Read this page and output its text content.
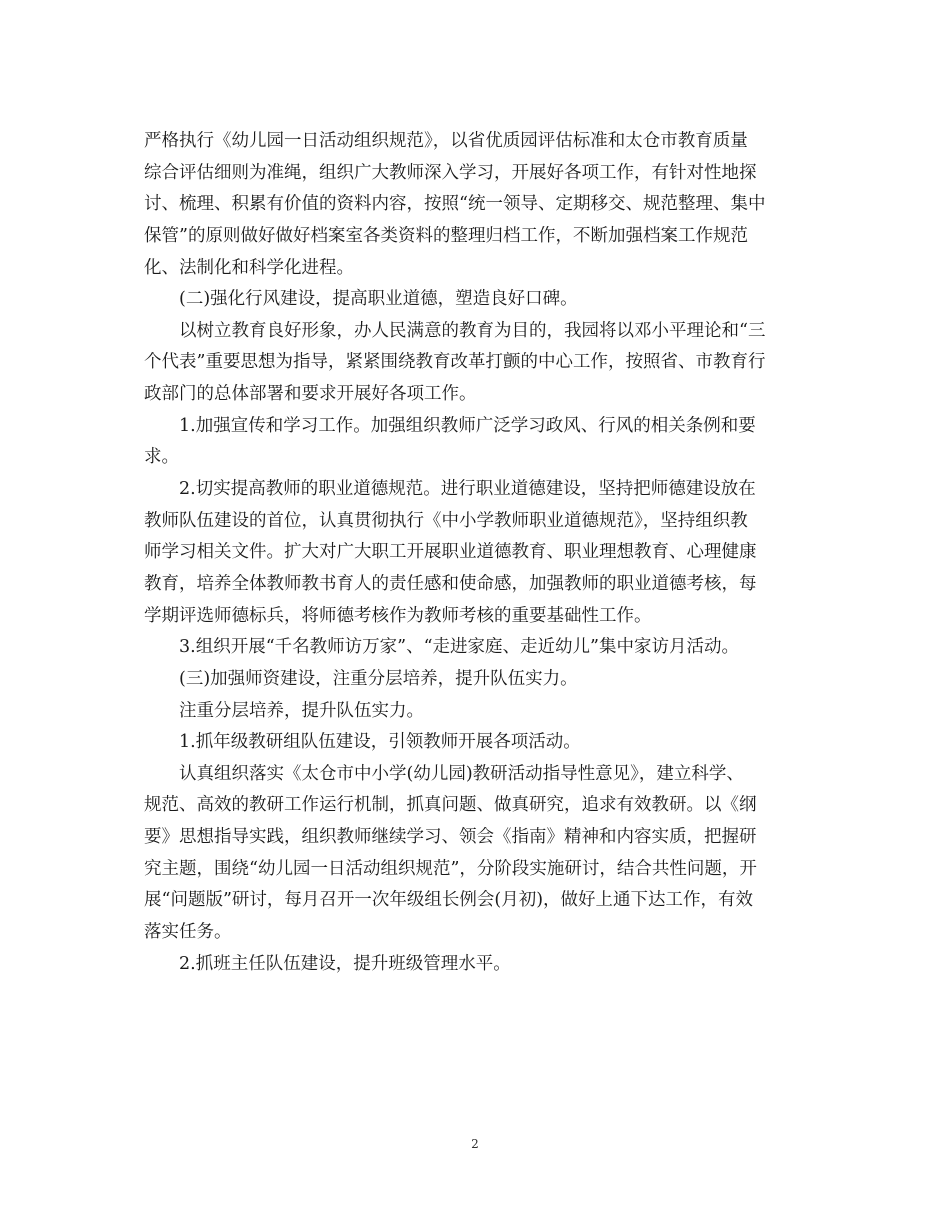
严格执行《幼儿园一日活动组织规范》，以省优质园评估标准和太仓市教育质量
综合评估细则为准绳，组织广大教师深入学习，开展好各项工作，有针对性地探
讨、梳理、积累有价值的资料内容，按照“统一领导、定期移交、规范整理、集中
保管”的原则做好做好档案室各类资料的整理归档工作，不断加强档案工作规范
化、法制化和科学化进程。
(二)强化行风建设，提高职业道德，塑造良好口碑。
以树立教育良好形象，办人民满意的教育为目的，我园将以邓小平理论和“三
个代表”重要思想为指导，紧紧围绕教育改革打颤的中心工作，按照省、市教育行
政部门的总体部署和要求开展好各项工作。
1.加强宣传和学习工作。加强组织教师广泛学习政风、行风的相关条例和要
求。
2.切实提高教师的职业道德规范。进行职业道德建设，坚持把师德建设放在
教师队伍建设的首位，认真贯彻执行《中小学教师职业道德规范》，坚持组织教
师学习相关文件。扩大对广大职工开展职业道德教育、职业理想教育、心理健康
教育，培养全体教师教书育人的责任感和使命感，加强教师的职业道德考核，每
学期评选师德标兵，将师德考核作为教师考核的重要基础性工作。
3.组织开展“千名教师访万家”、“走进家庭、走近幼儿”集中家访月活动。
(三)加强师资建设，注重分层培养，提升队伍实力。
注重分层培养，提升队伍实力。
1.抓年级教研组队伍建设，引领教师开展各项活动。
认真组织落实《太仓市中小学(幼儿园)教研活动指导性意见》，建立科学、
规范、高效的教研工作运行机制，抓真问题、做真研究，追求有效教研。以《纲
要》思想指导实践，组织教师继续学习、领会《指南》精神和内容实质，把握研
究主题，围绕“幼儿园一日活动组织规范”，分阶段实施研讨，结合共性问题，开
展“问题版”研讨，每月召开一次年级组长例会(月初)，做好上通下达工作，有效
落实任务。
2.抓班主任队伍建设，提升班级管理水平。
2
